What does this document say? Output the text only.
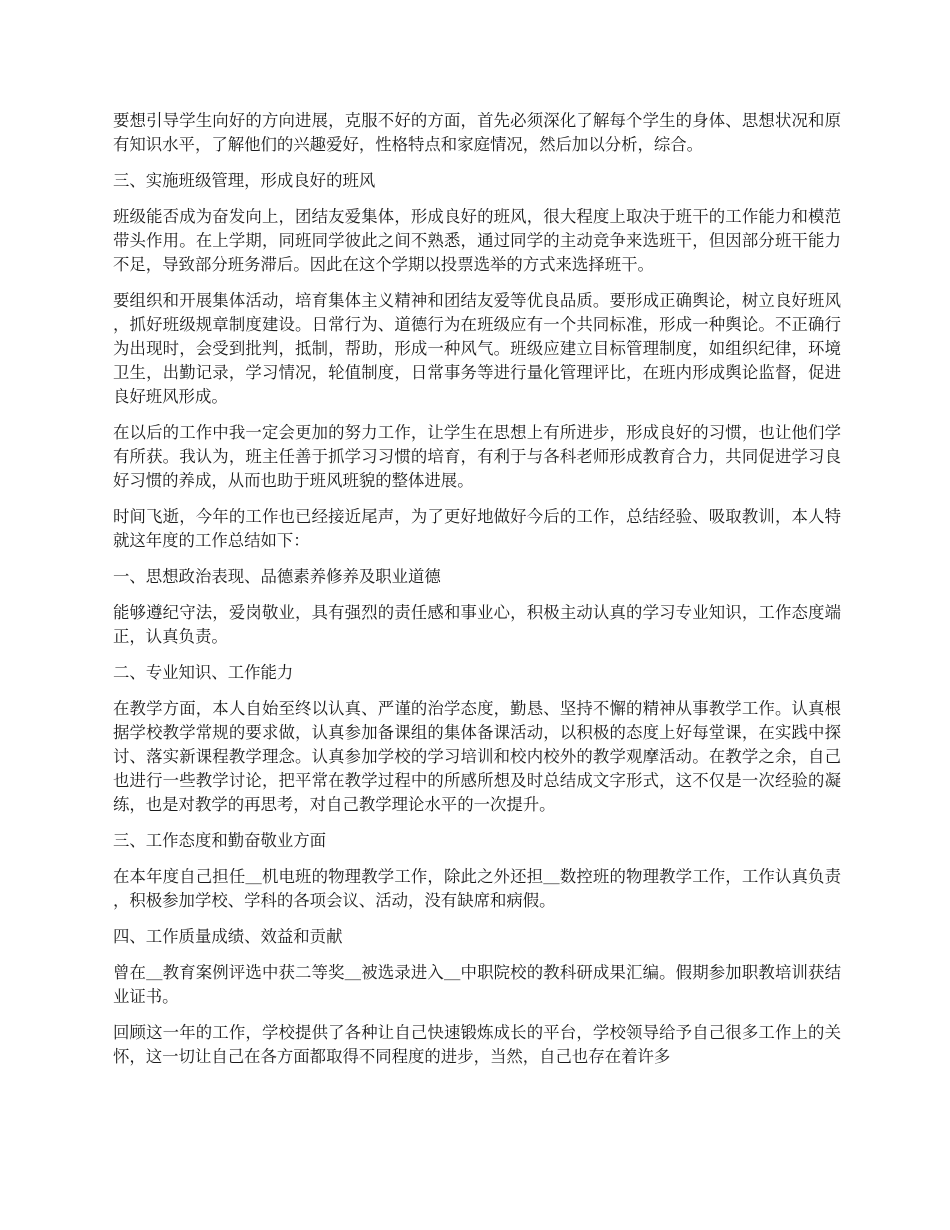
要想引导学生向好的方向进展，克服不好的方面，首先必须深化了解每个学生的身体、思想状况和原有知识水平，了解他们的兴趣爱好，性格特点和家庭情况，然后加以分析，综合。

三、实施班级管理，形成良好的班风

班级能否成为奋发向上，团结友爱集体，形成良好的班风，很大程度上取决于班干的工作能力和模范带头作用。在上学期，同班同学彼此之间不熟悉，通过同学的主动竞争来选班干，但因部分班干能力不足，导致部分班务滞后。因此在这个学期以投票选举的方式来选择班干。

要组织和开展集体活动，培育集体主义精神和团结友爱等优良品质。要形成正确舆论，树立良好班风，抓好班级规章制度建设。日常行为、道德行为在班级应有一个共同标准，形成一种舆论。不正确行为出现时，会受到批判，抵制，帮助，形成一种风气。班级应建立目标管理制度，如组织纪律，环境卫生，出勤记录，学习情况，轮值制度，日常事务等进行量化管理评比，在班内形成舆论监督，促进良好班风形成。

在以后的工作中我一定会更加的努力工作，让学生在思想上有所进步，形成良好的习惯，也让他们学有所获。我认为，班主任善于抓学习习惯的培育，有利于与各科老师形成教育合力，共同促进学习良好习惯的养成，从而也助于班风班貌的整体进展。

时间飞逝，今年的工作也已经接近尾声，为了更好地做好今后的工作，总结经验、吸取教训，本人特就这年度的工作总结如下：

一、思想政治表现、品德素养修养及职业道德

能够遵纪守法，爱岗敬业，具有强烈的责任感和事业心，积极主动认真的学习专业知识，工作态度端正，认真负责。

二、专业知识、工作能力

在教学方面，本人自始至终以认真、严谨的治学态度，勤恳、坚持不懈的精神从事教学工作。认真根据学校教学常规的要求做，认真参加备课组的集体备课活动，以积极的态度上好每堂课，在实践中探讨、落实新课程教学理念。认真参加学校的学习培训和校内校外的教学观摩活动。在教学之余，自己也进行一些教学讨论，把平常在教学过程中的所感所想及时总结成文字形式，这不仅是一次经验的凝练，也是对教学的再思考，对自己教学理论水平的一次提升。

三、工作态度和勤奋敬业方面

在本年度自己担任＿机电班的物理教学工作，除此之外还担＿数控班的物理教学工作，工作认真负责，积极参加学校、学科的各项会议、活动，没有缺席和病假。

四、工作质量成绩、效益和贡献

曾在＿教育案例评选中获二等奖＿被选录进入＿中职院校的教科研成果汇编。假期参加职教培训获结业证书。

回顾这一年的工作，学校提供了各种让自己快速锻炼成长的平台，学校领导给予自己很多工作上的关怀，这一切让自己在各方面都取得不同程度的进步，当然，自己也存在着许多
